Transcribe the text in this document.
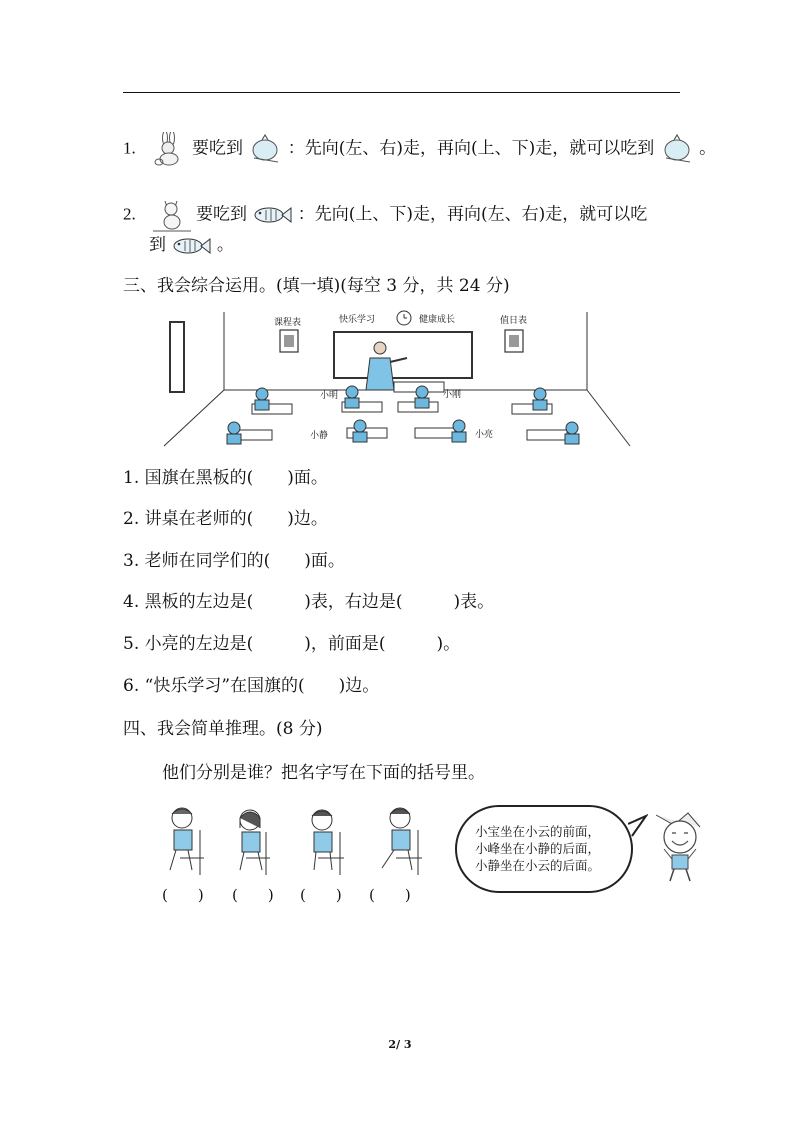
1.	要吃到	：先向(左、右)走，再向(上、下)走，就可以吃到	。
2.	要吃到	：先向(上、下)走，再向(左、右)走，就可以吃
到	。
三、我会综合运用。(填一填)(每空 3 分，共 24 分)
课程表	快乐学习	健康成长	值日表
小明	小刚
小静	小亮
1. 国旗在黑板的(　　)面。
2. 讲桌在老师的(　　)边。
3. 老师在同学们的(　　)面。
4. 黑板的左边是(　　　)表，右边是(　　　)表。
5. 小亮的左边是(　　　)，前面是(　　　)。
6. “快乐学习”在国旗的(　　)边。
四、我会简单推理。(8 分)
他们分别是谁？把名字写在下面的括号里。
(　　) (　　) (　　) (　　)
小宝坐在小云的前面，
小峰坐在小静的后面，
小静坐在小云的后面。
2/ 3
